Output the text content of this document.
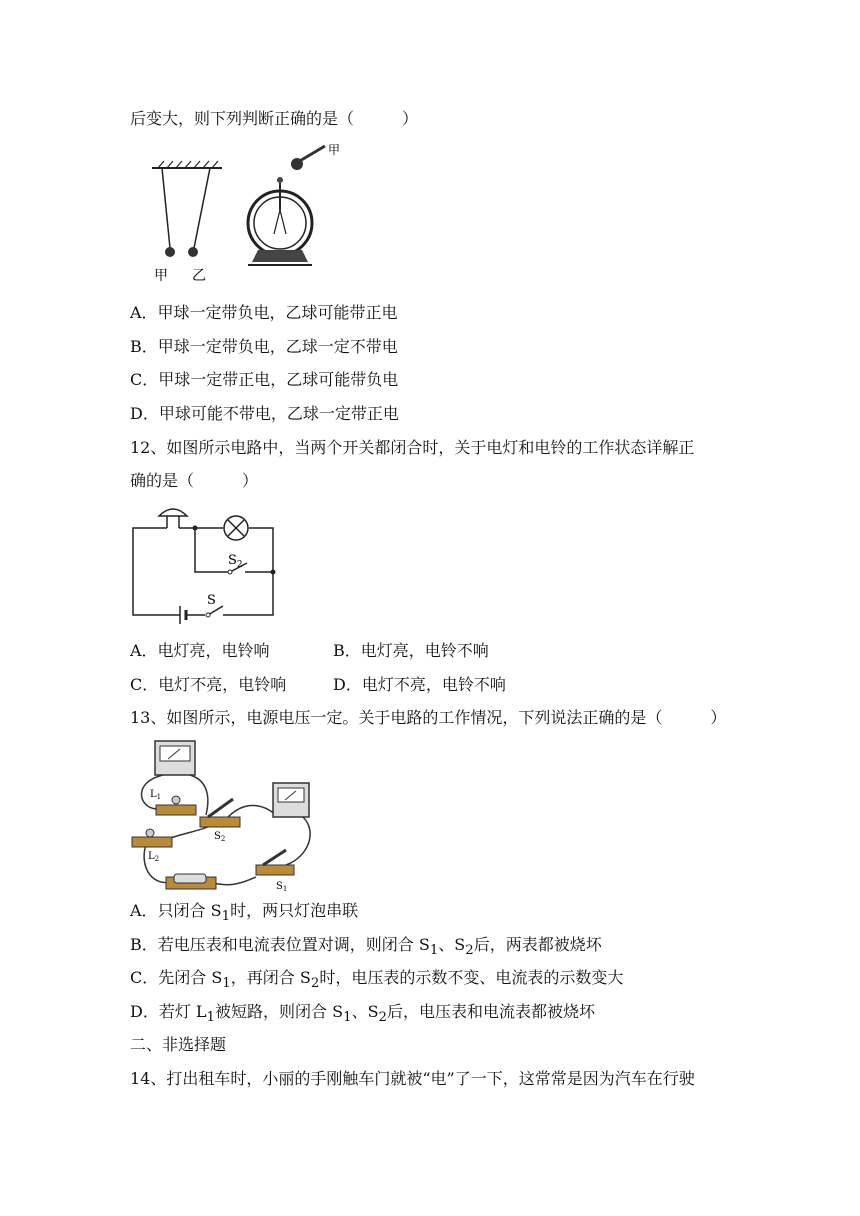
后变大，则下列判断正确的是（　　　）
甲 乙
甲
A．甲球一定带负电，乙球可能带正电
B．甲球一定带负电，乙球一定不带电
C．甲球一定带正电，乙球可能带负电
D．甲球可能不带电，乙球一定带正电
12、如图所示电路中，当两个开关都闭合时，关于电灯和电铃的工作状态详解正
确的是（　　　）
$S_2$
S
A．电灯亮，电铃响	B．电灯亮，电铃不响
C．电灯不亮，电铃响	D．电灯不亮，电铃不响
13、如图所示，电源电压一定。关于电路的工作情况，下列说法正确的是（　　　）
$L_1$
$S_2$
$L_2$
$S_1$
A．只闭合 $S_1$时，两只灯泡串联
B．若电压表和电流表位置对调，则闭合 $S_1$、$S_2$后，两表都被烧坏
C．先闭合 $S_1$，再闭合 $S_2$时，电压表的示数不变、电流表的示数变大
D．若灯 $L_1$被短路，则闭合 $S_1$、$S_2$后，电压表和电流表都被烧坏
二、非选择题
14、打出租车时，小丽的手刚触车门就被“电”了一下，这常常是因为汽车在行驶
